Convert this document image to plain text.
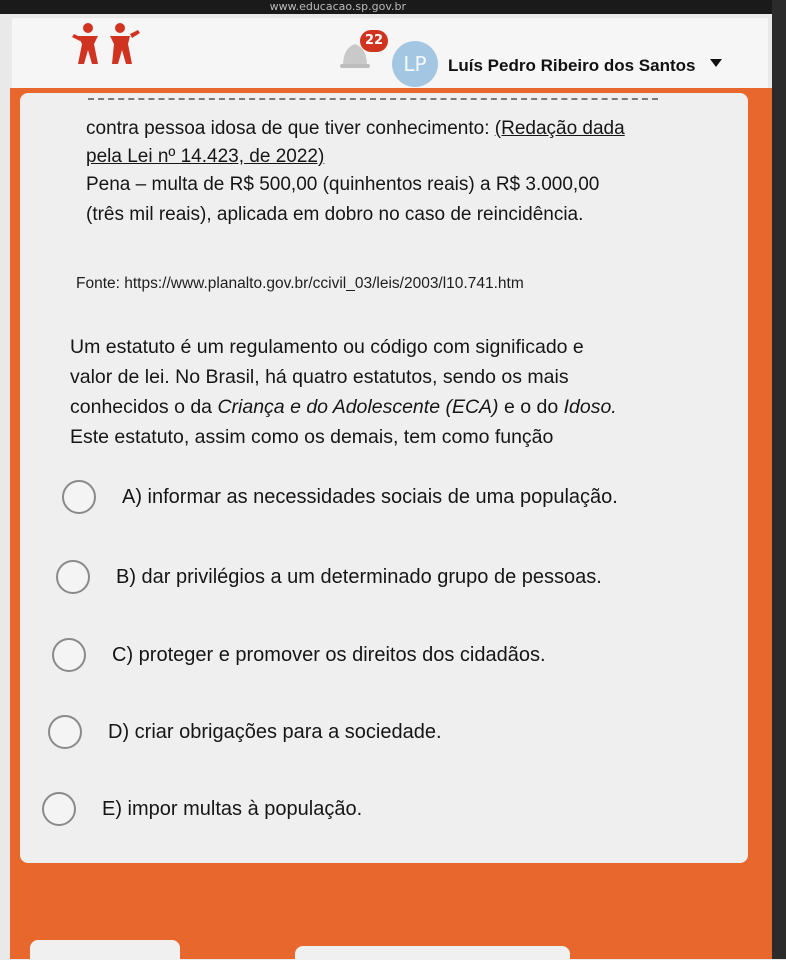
www.educacao.sp.gov.br
22
LP	Luís Pedro Ribeiro dos Santos
contra pessoa idosa de que tiver conhecimento: (Redação dada
pela Lei nº 14.423, de 2022)
Pena – multa de R$ 500,00 (quinhentos reais) a R$ 3.000,00
(três mil reais), aplicada em dobro no caso de reincidência.
Fonte: https://www.planalto.gov.br/ccivil_03/leis/2003/l10.741.htm
Um estatuto é um regulamento ou código com significado e
valor de lei. No Brasil, há quatro estatutos, sendo os mais
conhecidos o da Criança e do Adolescente (ECA) e o do Idoso.
Este estatuto, assim como os demais, tem como função
A) informar as necessidades sociais de uma população.
B) dar privilégios a um determinado grupo de pessoas.
C) proteger e promover os direitos dos cidadãos.
D) criar obrigações para a sociedade.
E) impor multas à população.
